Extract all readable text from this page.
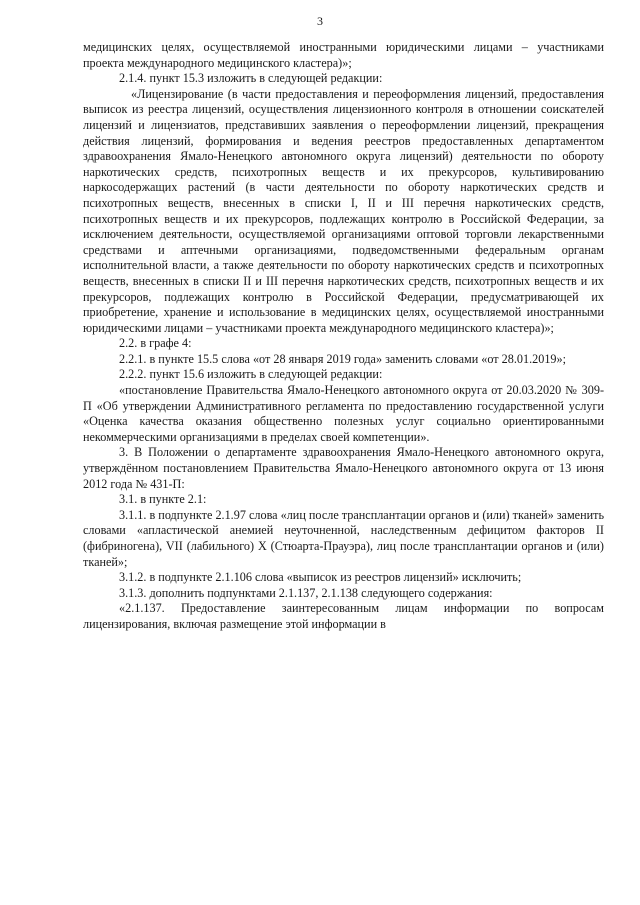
3

медицинских целях, осуществляемой иностранными юридическими лицами – участниками проекта международного медицинского кластера)»;

2.1.4. пункт 15.3 изложить в следующей редакции:

«Лицензирование (в части предоставления и переоформления лицензий, предоставления выписок из реестра лицензий, осуществления лицензионного контроля в отношении соискателей лицензий и лицензиатов, представивших заявления о переоформлении лицензий, прекращения действия лицензий, формирования и ведения реестров предоставленных департаментом здравоохранения Ямало-Ненецкого автономного округа лицензий) деятельности по обороту наркотических средств, психотропных веществ и их прекурсоров, культивированию наркосодержащих растений (в части деятельности по обороту наркотических средств и психотропных веществ, внесенных в списки I, II и III перечня наркотических средств, психотропных веществ и их прекурсоров, подлежащих контролю в Российской Федерации, за исключением деятельности, осуществляемой организациями оптовой торговли лекарственными средствами и аптечными организациями, подведомственными федеральным органам исполнительной власти, а также деятельности по обороту наркотических средств и психотропных веществ, внесенных в списки II и III перечня наркотических средств, психотропных веществ и их прекурсоров, подлежащих контролю в Российской Федерации, предусматривающей их приобретение, хранение и использование в медицинских целях, осуществляемой иностранными юридическими лицами – участниками проекта международного медицинского кластера)»;

2.2. в графе 4:

2.2.1. в пункте 15.5 слова «от 28 января 2019 года» заменить словами «от 28.01.2019»;

2.2.2. пункт 15.6 изложить в следующей редакции:

«постановление Правительства Ямало-Ненецкого автономного округа от 20.03.2020 № 309-П «Об утверждении Административного регламента по предоставлению государственной услуги «Оценка качества оказания общественно полезных услуг социально ориентированными некоммерческими организациями в пределах своей компетенции».

3. В Положении о департаменте здравоохранения Ямало-Ненецкого автономного округа, утверждённом постановлением Правительства Ямало-Ненецкого автономного округа от 13 июня 2012 года № 431-П:

3.1. в пункте 2.1:

3.1.1. в подпункте 2.1.97 слова «лиц после трансплантации органов и (или) тканей» заменить словами «апластической анемией неуточненной, наследственным дефицитом факторов II (фибриногена), VII (лабильного) X (Стюарта-Прауэра), лиц после трансплантации органов и (или) тканей»;

3.1.2. в подпункте 2.1.106 слова «выписок из реестров лицензий» исключить;

3.1.3. дополнить подпунктами 2.1.137, 2.1.138 следующего содержания:

«2.1.137. Предоставление заинтересованным лицам информации по вопросам лицензирования, включая размещение этой информации в
